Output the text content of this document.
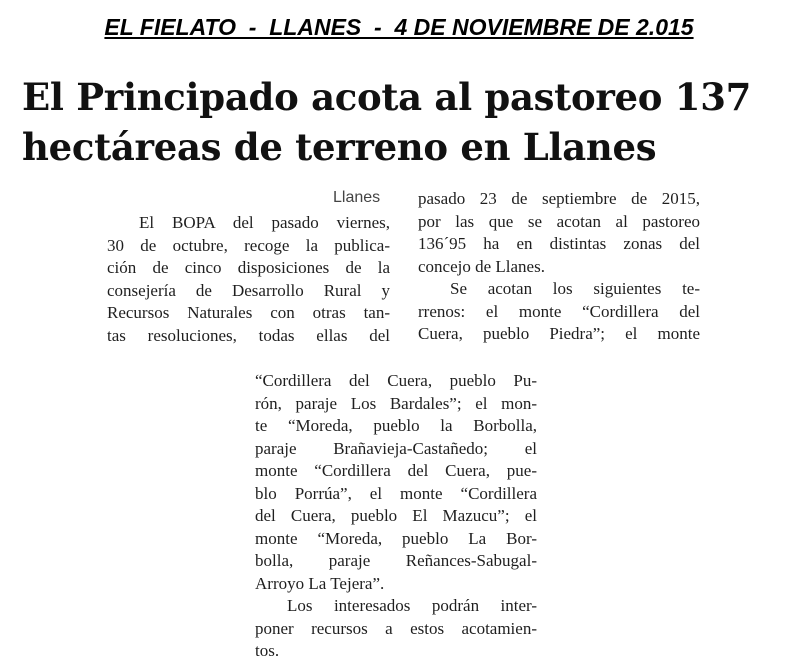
EL FIELATO  -  LLANES  -  4 DE NOVIEMBRE DE 2.015
El Principado acota al pastoreo 137
hectáreas de terreno en Llanes
Llanes
El BOPA del pasado viernes,
30 de octubre, recoge la publica-
ción de cinco disposiciones de la
consejería de Desarrollo Rural y
Recursos Naturales con otras tan-
tas resoluciones, todas ellas del
pasado 23 de septiembre de 2015,
por las que se acotan al pastoreo
136´95 ha en distintas zonas del
concejo de Llanes.
Se acotan los siguientes te-
rrenos: el monte “Cordillera del
Cuera, pueblo Piedra”; el monte
“Cordillera del Cuera, pueblo Pu-
rón, paraje Los Bardales”; el mon-
te “Moreda, pueblo la Borbolla,
paraje Brañavieja-Castañedo; el
monte “Cordillera del Cuera, pue-
blo Porrúa”, el monte “Cordillera
del Cuera, pueblo El Mazucu”; el
monte “Moreda, pueblo La Bor-
bolla, paraje Reñances-Sabugal-
Arroyo La Tejera”.
Los interesados podrán inter-
poner recursos a estos acotamien-
tos.
